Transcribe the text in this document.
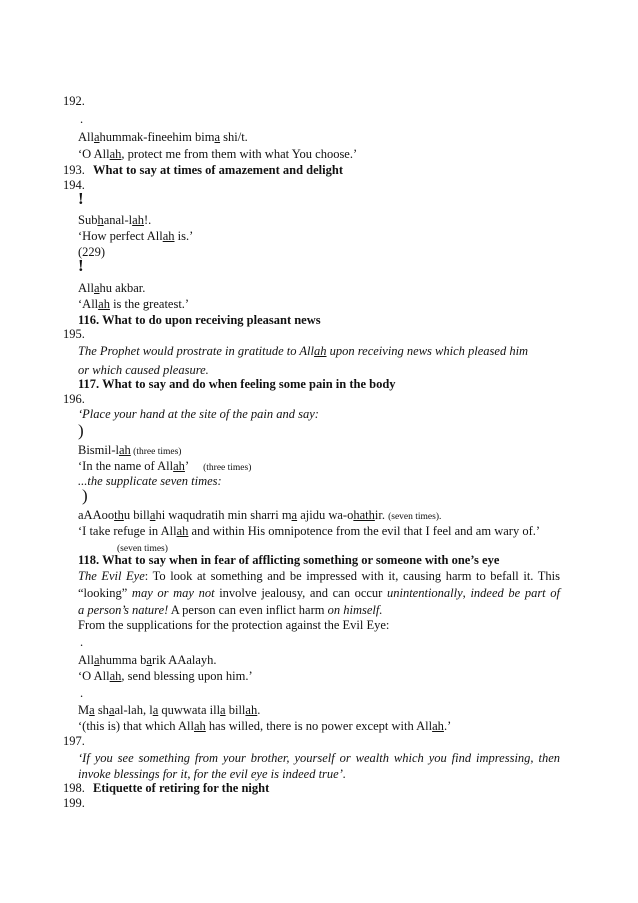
192.
.
Allahummak-fineehim bima shi/t.
‘O Allah, protect me from them with what You choose.’
193. What to say at times of amazement and delight
194.
!
Subhanal-lah!.
‘How perfect Allah is.’
(229)
!
Allahu akbar.
‘Allah is the greatest.’
116. What to do upon receiving pleasant news
195.
The Prophet would prostrate in gratitude to Allah upon receiving news which pleased him
or which caused pleasure.
117. What to say and do when feeling some pain in the body
196.
‘Place your hand at the site of the pain and say:
)
Bismil-lah (three times)
‘In the name of Allah’ (three times)
...the supplicate seven times:
)
aAAoothu billahi waqudratih min sharri ma ajidu wa-ohathir. (seven times).
‘I take refuge in Allah and within His omnipotence from the evil that I feel and am wary of.’
(seven times)
118. What to say when in fear of afflicting something or someone with one’s eye
The Evil Eye: To look at something and be impressed with it, causing harm to befall it. This
“looking” may or may not involve jealousy, and can occur unintentionally, indeed be part of
a person’s nature! A person can even inflict harm on himself.
From the supplications for the protection against the Evil Eye:
.
Allahumma barik AAalayh.
‘O Allah, send blessing upon him.’
.
Ma shaal-lah, la quwwata illa billah.
‘(this is) that which Allah has willed, there is no power except with Allah.’
197.
‘If you see something from your brother, yourself or wealth which you find impressing, then
invoke blessings for it, for the evil eye is indeed true’.
198. Etiquette of retiring for the night
199.
